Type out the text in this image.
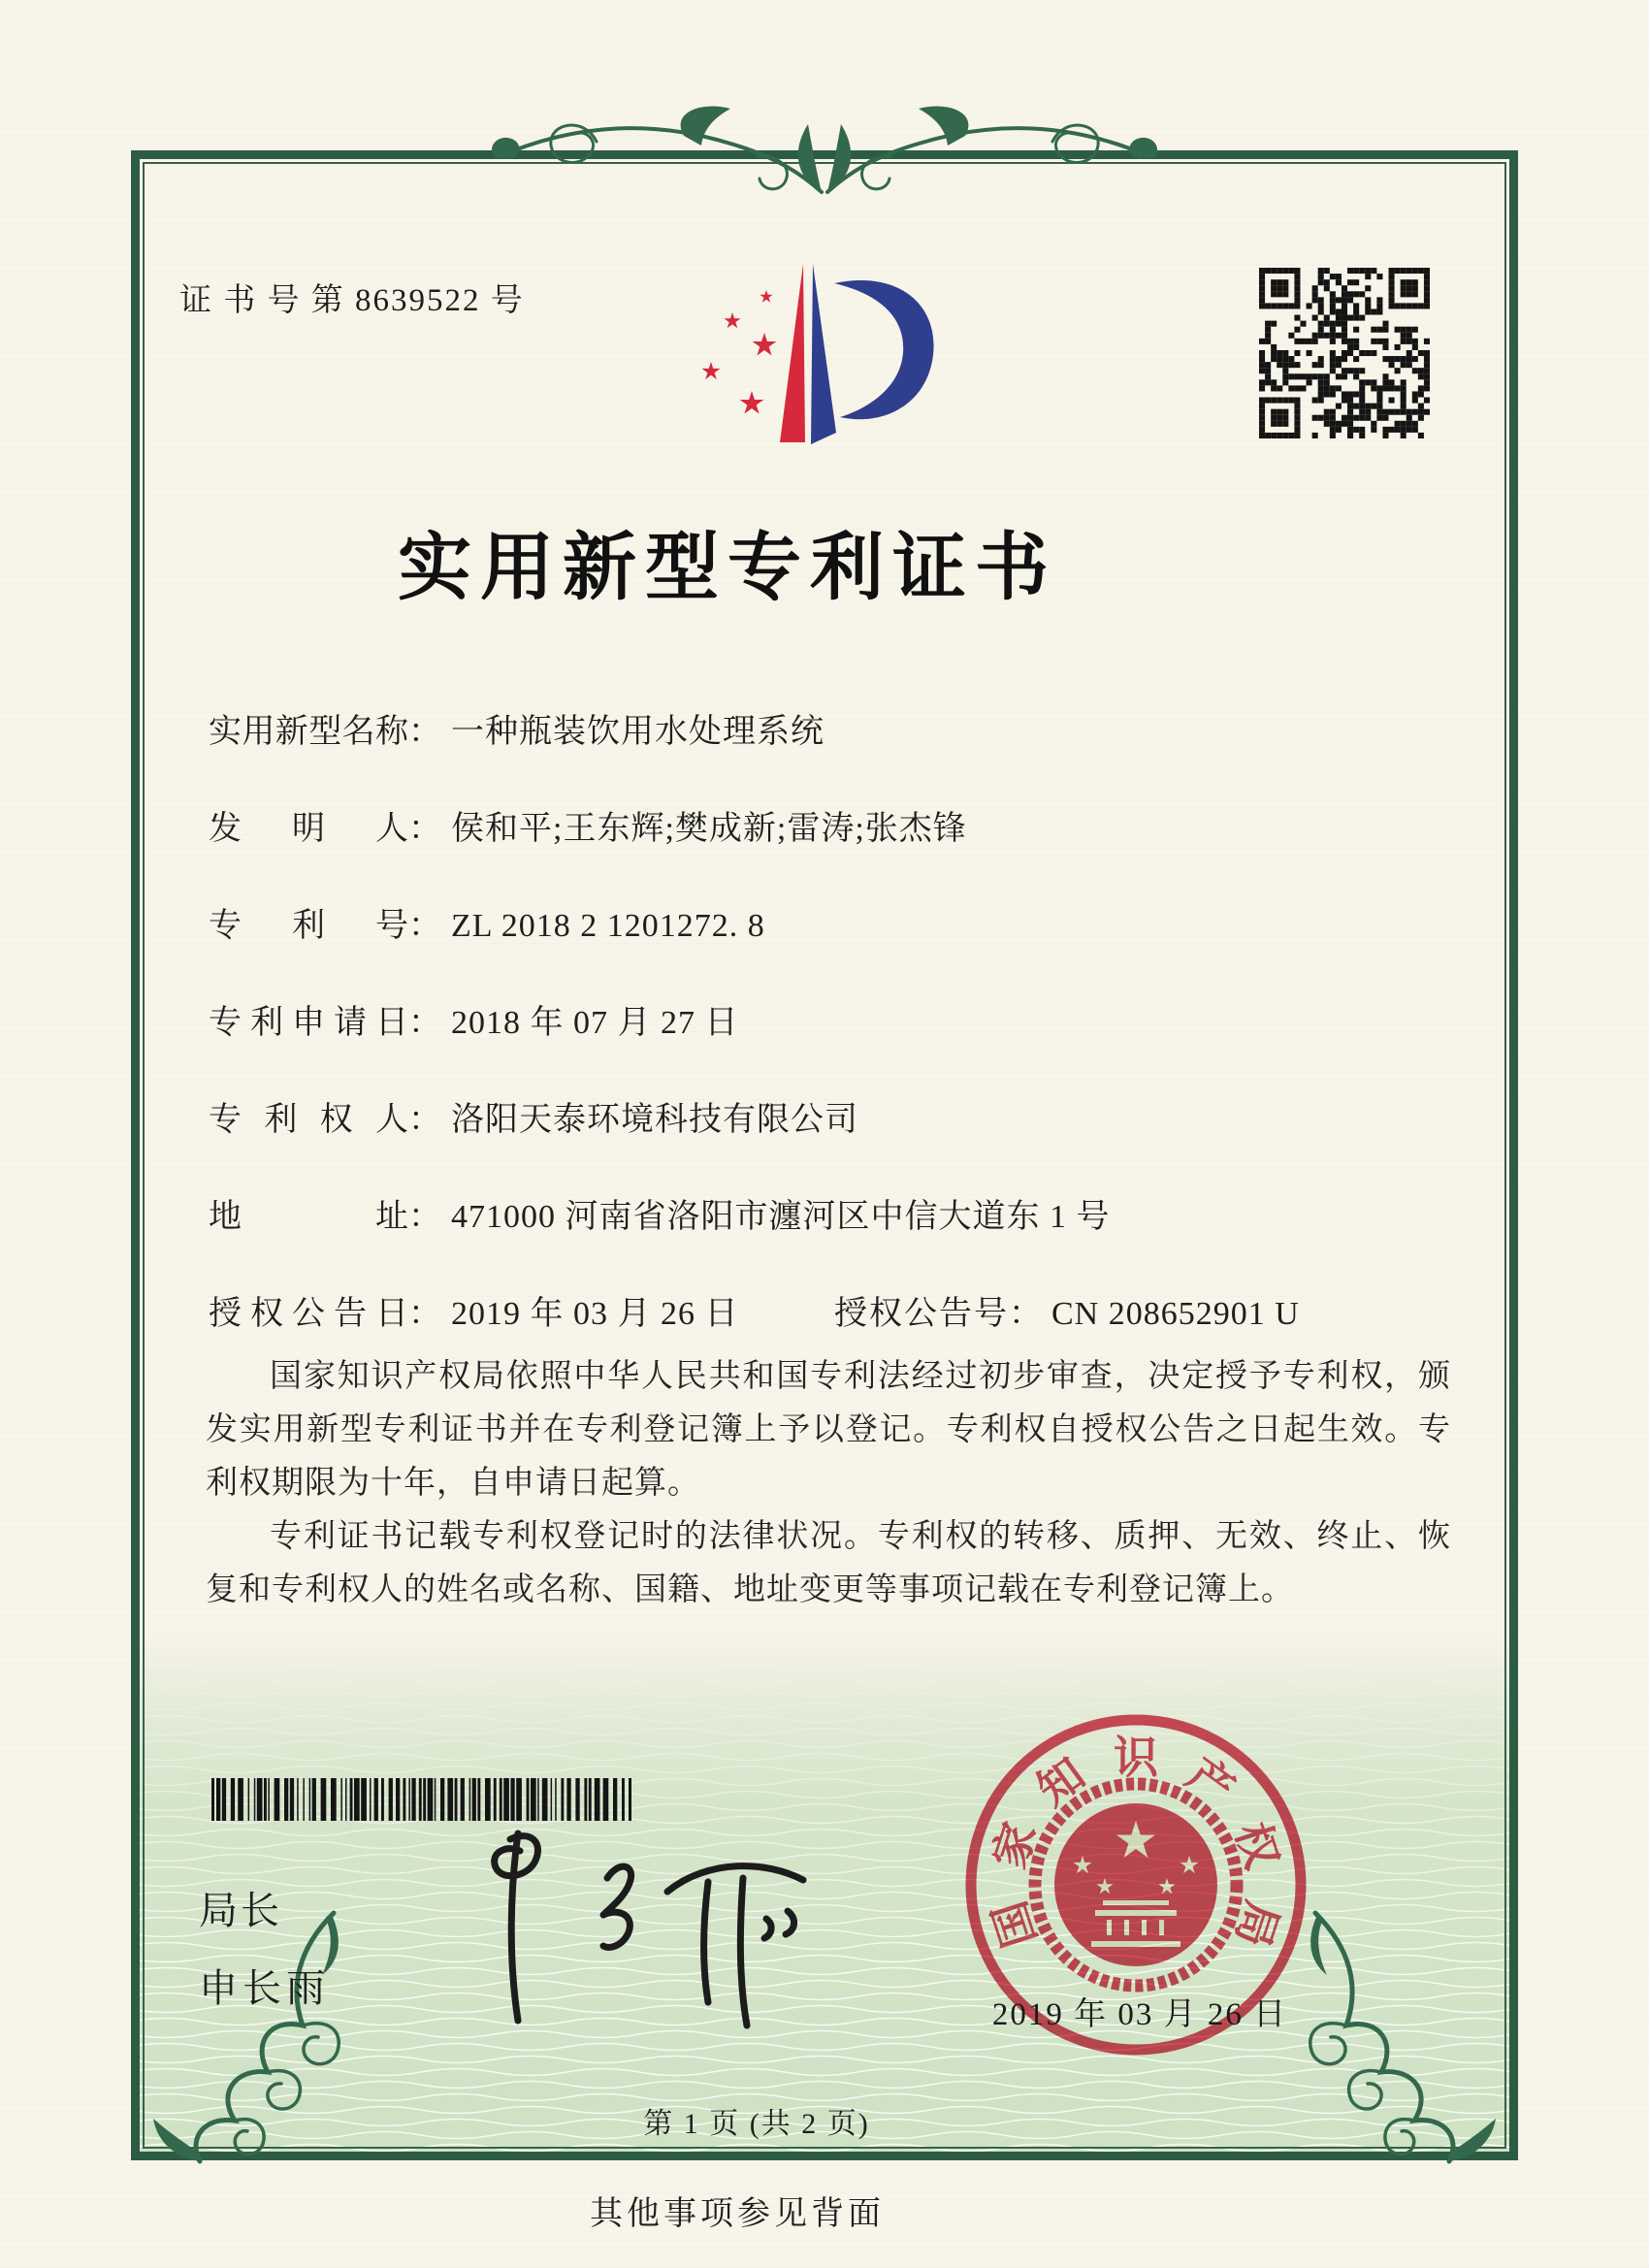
证 书 号 第 8639522 号
实用新型专利证书
实用新型名称： 一种瓶装饮用水处理系统
发明人： 侯和平;王东辉;樊成新;雷涛;张杰锋
专利号： ZL 2018 2 1201272. 8
专利申请日： 2018 年 07 月 27 日
专利权人： 洛阳天泰环境科技有限公司
地址： 471000 河南省洛阳市瀍河区中信大道东 1 号
授权公告日： 2019 年 03 月 26 日	授权公告号： CN 208652901 U

国家知识产权局依照中华人民共和国专利法经过初步审查，决定授予专利权，颁发实用新型专利证书并在专利登记簿上予以登记。专利权自授权公告之日起生效。专利权期限为十年，自申请日起算。

专利证书记载专利权登记时的法律状况。专利权的转移、质押、无效、终止、恢复和专利权人的姓名或名称、国籍、地址变更等事项记载在专利登记簿上。

局长
申长雨
国
家
知 识 产
权
局
2019 年 03 月 26 日
第 1 页 (共 2 页)
其他事项参见背面
